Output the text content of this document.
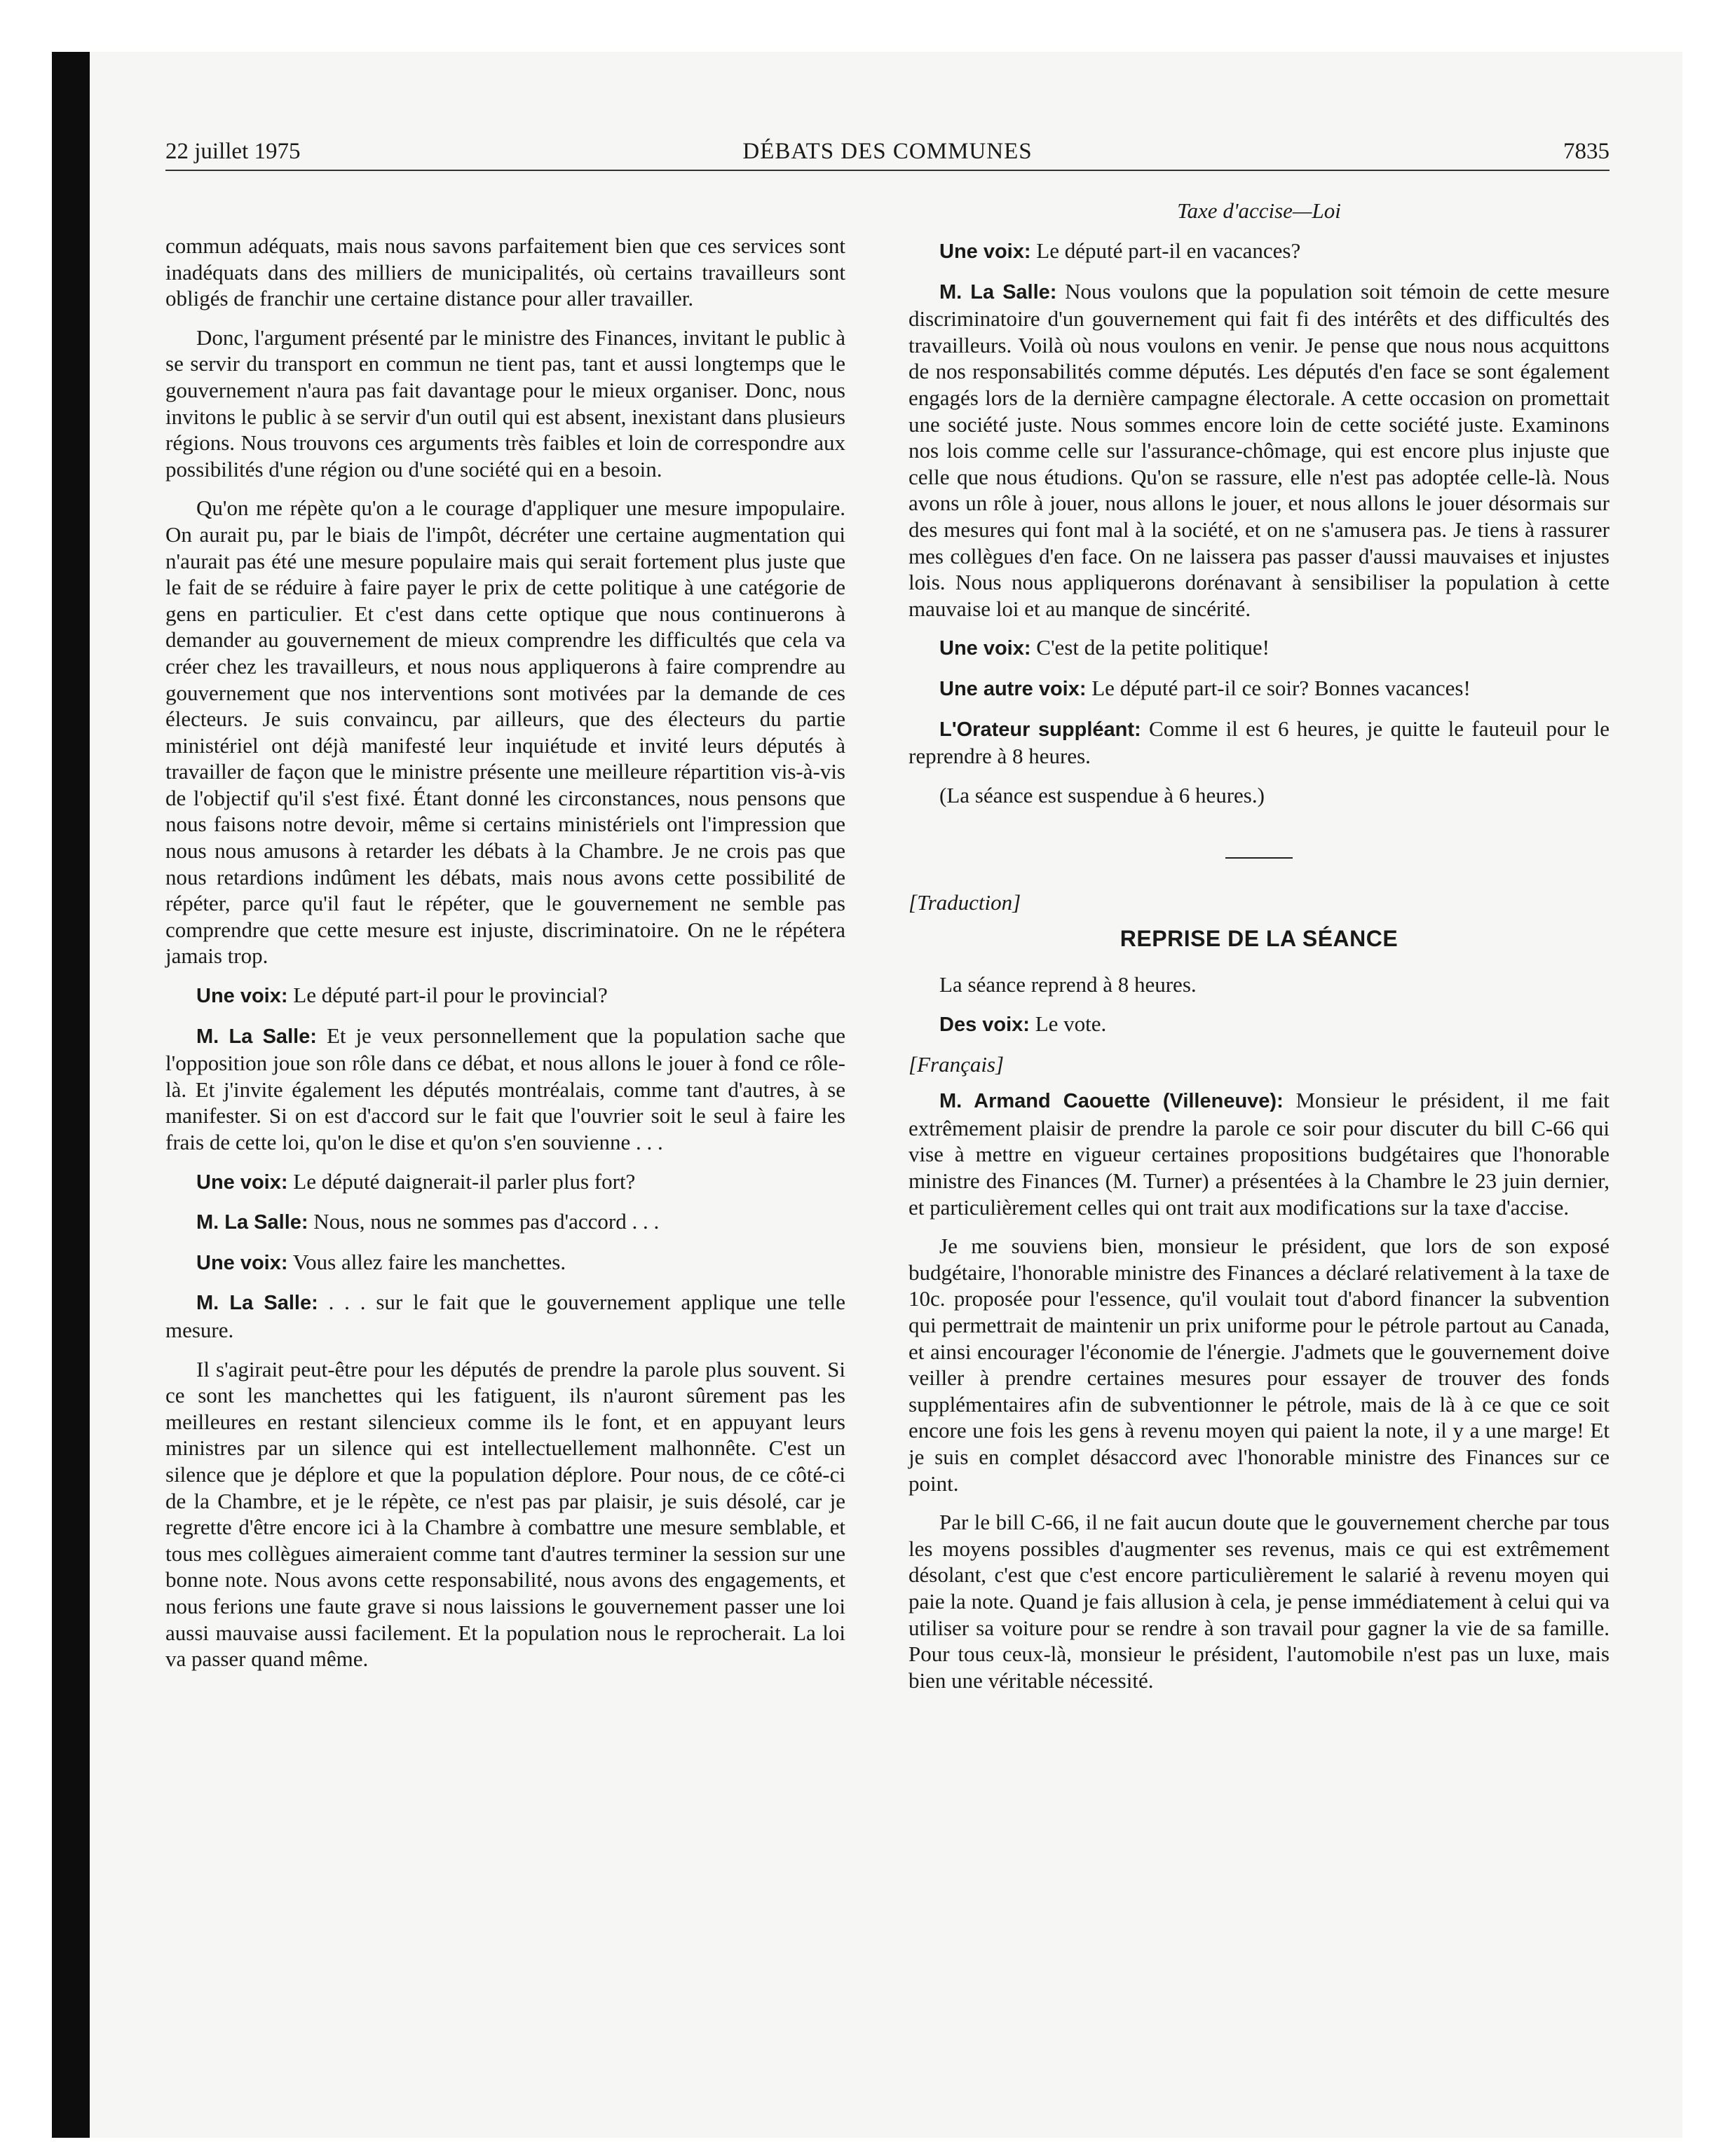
22 juillet 1975	DÉBATS DES COMMUNES	7835

commun adéquats, mais nous savons parfaitement bien que ces services sont inadéquats dans des milliers de municipalités, où certains travailleurs sont obligés de franchir une certaine distance pour aller travailler.

Donc, l'argument présenté par le ministre des Finances, invitant le public à se servir du transport en commun ne tient pas, tant et aussi longtemps que le gouvernement n'aura pas fait davantage pour le mieux organiser. Donc, nous invitons le public à se servir d'un outil qui est absent, inexistant dans plusieurs régions. Nous trouvons ces arguments très faibles et loin de correspondre aux possibilités d'une région ou d'une société qui en a besoin.

Qu'on me répète qu'on a le courage d'appliquer une mesure impopulaire. On aurait pu, par le biais de l'impôt, décréter une certaine augmentation qui n'aurait pas été une mesure populaire mais qui serait fortement plus juste que le fait de se réduire à faire payer le prix de cette politique à une catégorie de gens en particulier. Et c'est dans cette optique que nous continuerons à demander au gouvernement de mieux comprendre les difficultés que cela va créer chez les travailleurs, et nous nous appliquerons à faire comprendre au gouvernement que nos interventions sont motivées par la demande de ces électeurs. Je suis convaincu, par ailleurs, que des électeurs du partie ministériel ont déjà manifesté leur inquiétude et invité leurs députés à travailler de façon que le ministre présente une meilleure répartition vis-à-vis de l'objectif qu'il s'est fixé. Étant donné les circonstances, nous pensons que nous faisons notre devoir, même si certains ministériels ont l'impression que nous nous amusons à retarder les débats à la Chambre. Je ne crois pas que nous retardions indûment les débats, mais nous avons cette possibilité de répéter, parce qu'il faut le répéter, que le gouvernement ne semble pas comprendre que cette mesure est injuste, discriminatoire. On ne le répétera jamais trop.

Une voix: Le député part-il pour le provincial?

M. La Salle: Et je veux personnellement que la population sache que l'opposition joue son rôle dans ce débat, et nous allons le jouer à fond ce rôle-là. Et j'invite également les députés montréalais, comme tant d'autres, à se manifester. Si on est d'accord sur le fait que l'ouvrier soit le seul à faire les frais de cette loi, qu'on le dise et qu'on s'en souvienne . . .

Une voix: Le député daignerait-il parler plus fort?

M. La Salle: Nous, nous ne sommes pas d'accord . . .

Une voix: Vous allez faire les manchettes.

M. La Salle: . . . sur le fait que le gouvernement applique une telle mesure.

Il s'agirait peut-être pour les députés de prendre la parole plus souvent. Si ce sont les manchettes qui les fatiguent, ils n'auront sûrement pas les meilleures en restant silencieux comme ils le font, et en appuyant leurs ministres par un silence qui est intellectuellement malhonnête. C'est un silence que je déplore et que la population déplore. Pour nous, de ce côté-ci de la Chambre, et je le répète, ce n'est pas par plaisir, je suis désolé, car je regrette d'être encore ici à la Chambre à combattre une mesure semblable, et tous mes collègues aimeraient comme tant d'autres terminer la session sur une bonne note. Nous avons cette responsabilité, nous avons des engagements, et nous ferions une faute grave si nous laissions le gouvernement passer une loi aussi mauvaise aussi facilement. Et la population nous le reprocherait. La loi va passer quand même.

Taxe d'accise—Loi

Une voix: Le député part-il en vacances?

M. La Salle: Nous voulons que la population soit témoin de cette mesure discriminatoire d'un gouvernement qui fait fi des intérêts et des difficultés des travailleurs. Voilà où nous voulons en venir. Je pense que nous nous acquittons de nos responsabilités comme députés. Les députés d'en face se sont également engagés lors de la dernière campagne électorale. A cette occasion on promettait une société juste. Nous sommes encore loin de cette société juste. Examinons nos lois comme celle sur l'assurance-chômage, qui est encore plus injuste que celle que nous étudions. Qu'on se rassure, elle n'est pas adoptée celle-là. Nous avons un rôle à jouer, nous allons le jouer, et nous allons le jouer désormais sur des mesures qui font mal à la société, et on ne s'amusera pas. Je tiens à rassurer mes collègues d'en face. On ne laissera pas passer d'aussi mauvaises et injustes lois. Nous nous appliquerons dorénavant à sensibiliser la population à cette mauvaise loi et au manque de sincérité.

Une voix: C'est de la petite politique!

Une autre voix: Le député part-il ce soir? Bonnes vacances!

L'Orateur suppléant: Comme il est 6 heures, je quitte le fauteuil pour le reprendre à 8 heures.

(La séance est suspendue à 6 heures.)

[Traduction]
REPRISE DE LA SÉANCE

La séance reprend à 8 heures.

Des voix: Le vote.

[Français]

M. Armand Caouette (Villeneuve): Monsieur le président, il me fait extrêmement plaisir de prendre la parole ce soir pour discuter du bill C-66 qui vise à mettre en vigueur certaines propositions budgétaires que l'honorable ministre des Finances (M. Turner) a présentées à la Chambre le 23 juin dernier, et particulièrement celles qui ont trait aux modifications sur la taxe d'accise.

Je me souviens bien, monsieur le président, que lors de son exposé budgétaire, l'honorable ministre des Finances a déclaré relativement à la taxe de 10c. proposée pour l'essence, qu'il voulait tout d'abord financer la subvention qui permettrait de maintenir un prix uniforme pour le pétrole partout au Canada, et ainsi encourager l'économie de l'énergie. J'admets que le gouvernement doive veiller à prendre certaines mesures pour essayer de trouver des fonds supplémentaires afin de subventionner le pétrole, mais de là à ce que ce soit encore une fois les gens à revenu moyen qui paient la note, il y a une marge! Et je suis en complet désaccord avec l'honorable ministre des Finances sur ce point.

Par le bill C-66, il ne fait aucun doute que le gouvernement cherche par tous les moyens possibles d'augmenter ses revenus, mais ce qui est extrêmement désolant, c'est que c'est encore particulièrement le salarié à revenu moyen qui paie la note. Quand je fais allusion à cela, je pense immédiatement à celui qui va utiliser sa voiture pour se rendre à son travail pour gagner la vie de sa famille. Pour tous ceux-là, monsieur le président, l'automobile n'est pas un luxe, mais bien une véritable nécessité.
